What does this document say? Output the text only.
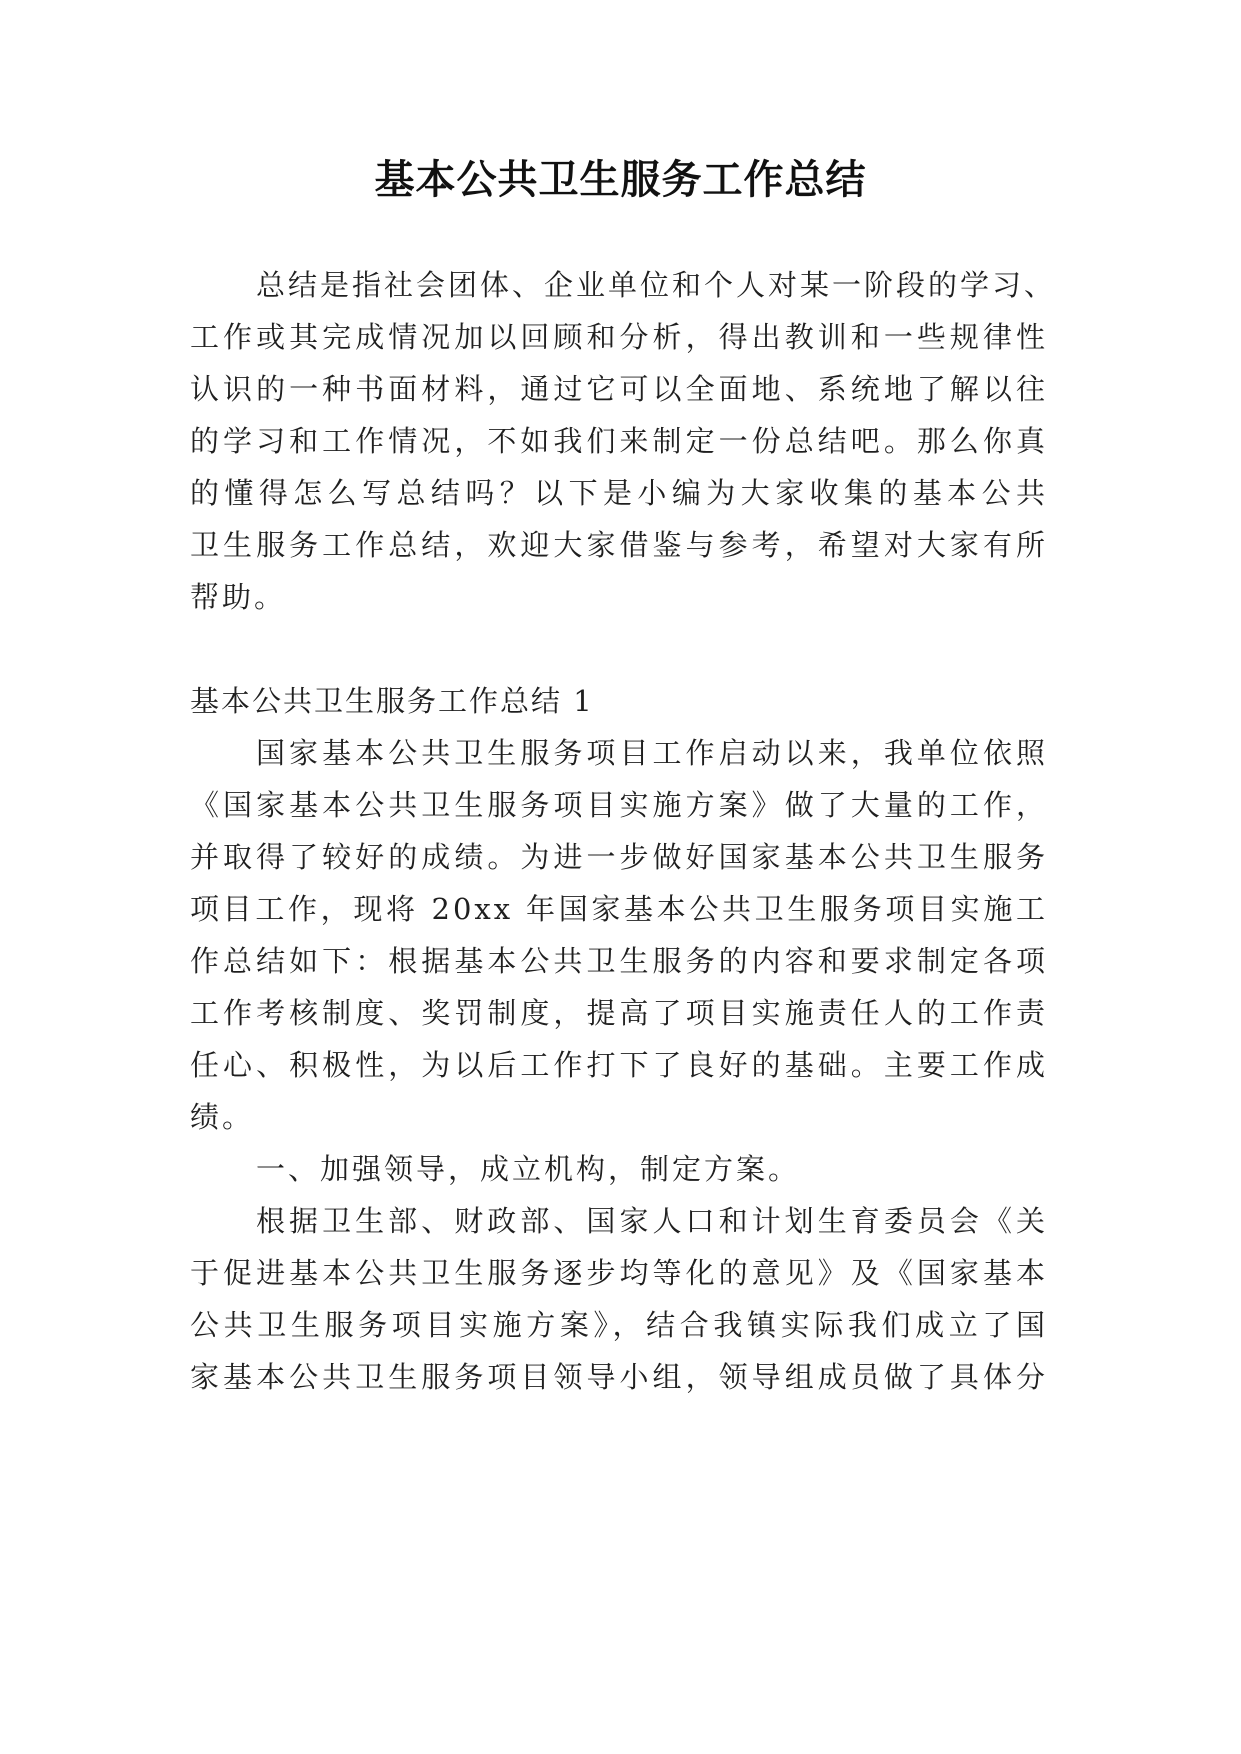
基本公共卫生服务工作总结
总结是指社会团体、企业单位和个人对某一阶段的学习、
工作或其完成情况加以回顾和分析，得出教训和一些规律性
认识的一种书面材料，通过它可以全面地、系统地了解以往
的学习和工作情况，不如我们来制定一份总结吧。那么你真
的懂得怎么写总结吗？以下是小编为大家收集的基本公共
卫生服务工作总结，欢迎大家借鉴与参考，希望对大家有所
帮助。
基本公共卫生服务工作总结 1
国家基本公共卫生服务项目工作启动以来，我单位依照
《国家基本公共卫生服务项目实施方案》做了大量的工作，
并取得了较好的成绩。为进一步做好国家基本公共卫生服务
项目工作，现将 20xx 年国家基本公共卫生服务项目实施工
作总结如下：根据基本公共卫生服务的内容和要求制定各项
工作考核制度、奖罚制度，提高了项目实施责任人的工作责
任心、积极性，为以后工作打下了良好的基础。主要工作成
绩。
一、加强领导，成立机构，制定方案。
根据卫生部、财政部、国家人口和计划生育委员会《关
于促进基本公共卫生服务逐步均等化的意见》及《国家基本
公共卫生服务项目实施方案》，结合我镇实际我们成立了国
家基本公共卫生服务项目领导小组，领导组成员做了具体分
